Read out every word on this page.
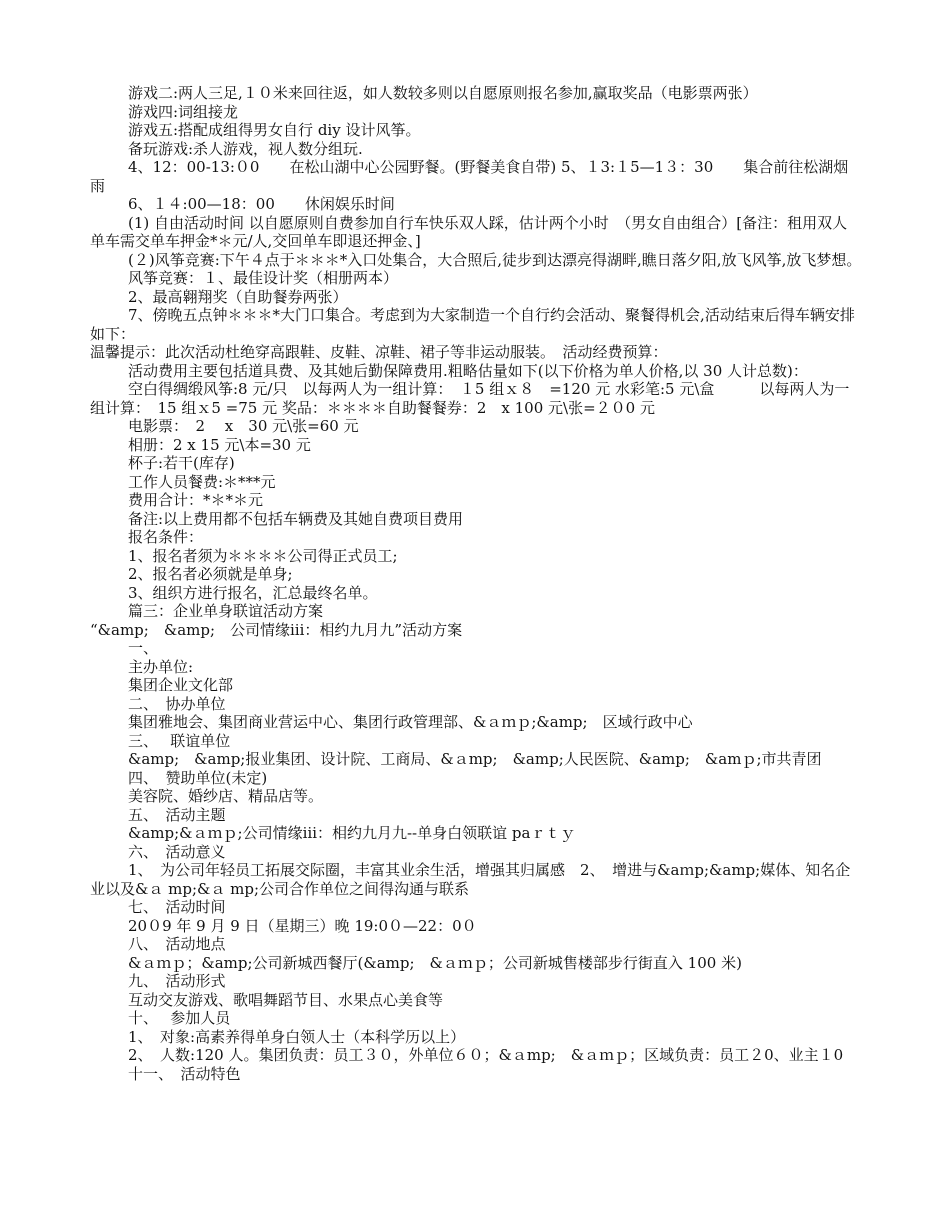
游戏二:两人三足,１０米来回往返，如人数较多则以自愿原则报名参加,赢取奖品（电影票两张）

游戏四:词组接龙

游戏五:搭配成组得男女自行 diy 设计风筝。

备玩游戏:杀人游戏，视人数分组玩.

4、12：00-13:０0　　在松山湖中心公园野餐。(野餐美食自带) 5、１3:１5—1３：30　　集合前往松湖烟雨

6、１４:00—18：00　　休闲娱乐时间

(1) 自由活动时间 以自愿原则自费参加自行车快乐双人踩，估计两个小时　（男女自由组合）[备注：租用双人单车需交单车押金*＊元/人,交回单车即退还押金、]

(２)风筝竞赛:下午４点于＊＊＊*入口处集合，大合照后,徒步到达漂亮得湖畔,瞧日落夕阳,放飞风筝,放飞梦想。

风筝竞赛：１、最佳设计奖（相册两本）

2、最高翱翔奖（自助餐券两张）

7、傍晚五点钟＊＊＊*大门口集合。考虑到为大家制造一个自行约会活动、聚餐得机会,活动结束后得车辆安排如下：

温馨提示：此次活动杜绝穿高跟鞋、皮鞋、凉鞋、裙子等非运动服装。　活动经费预算：

活动费用主要包括道具费、及其她后勤保障费用.粗略估量如下(以下价格为单人价格,以 30 人计总数)：

空白得绸缎风筝:8 元/只　以每两人为一组计算：　１5 组ｘ８　=120 元 水彩笔:5 元\盒　　　以每两人为一组计算：　15 组ｘ5 =75 元 奖品：＊＊＊＊自助餐餐券：2　x 100 元\张=２０0 元

电影票：　2　 x　30 元\张=60 元

相册：2 x 15 元\本=30 元

杯子:若干(库存)

工作人员餐费:＊***元

费用合计：*＊*＊元

备注:以上费用都不包括车辆费及其她自费项目费用

报名条件：

1、报名者须为＊＊＊＊公司得正式员工;

2、报名者必须就是单身;

3、组织方进行报名，汇总最终名单。

篇三：企业单身联谊活动方案

“&amp;　&amp;　公司情缘ⅲ：相约九月九”活动方案

一、

主办单位:

集团企业文化部

二、　协办单位

集团雅地会、集团商业营运中心、集团行政管理部、&ａｍｐ;&amp;　区域行政中心

三、　 联谊单位

&amp;　&amp;报业集团、设计院、工商局、&ａmp;　&amp;人民医院、&amp;　&amｐ;市共青团

四、　赞助单位(未定)

美容院、婚纱店、精品店等。

五、　活动主题

&amp;&ａｍｐ;公司情缘ⅲ：相约九月九--单身白领联谊 paｒｔｙ

六、　活动意义

1、　为公司年轻员工拓展交际圈，丰富其业余生活，增强其归属感　2、　增进与&aｍp;&amp;媒体、知名企业以及&ａ mp;&ａ mp;公司合作单位之间得沟通与联系

七、　活动时间

20０9 年 9 月 9 日（星期三）晚 19:0０—22：0０

八、　活动地点

&ａｍｐ；&amp;公司新城西餐厅(&amp;　&ａｍｐ；公司新城售楼部步行街直入 100 米)

九、　活动形式

互动交友游戏、歌唱舞蹈节目、水果点心美食等

十、　 参加人员

1、　对象:高素养得单身白领人士（本科学历以上）

2、　人数:120 人。集团负责：员工３０，外单位６０；&ａmp;　&ａｍｐ；区域负责：员工２0、业主１0

十一、　活动特色
